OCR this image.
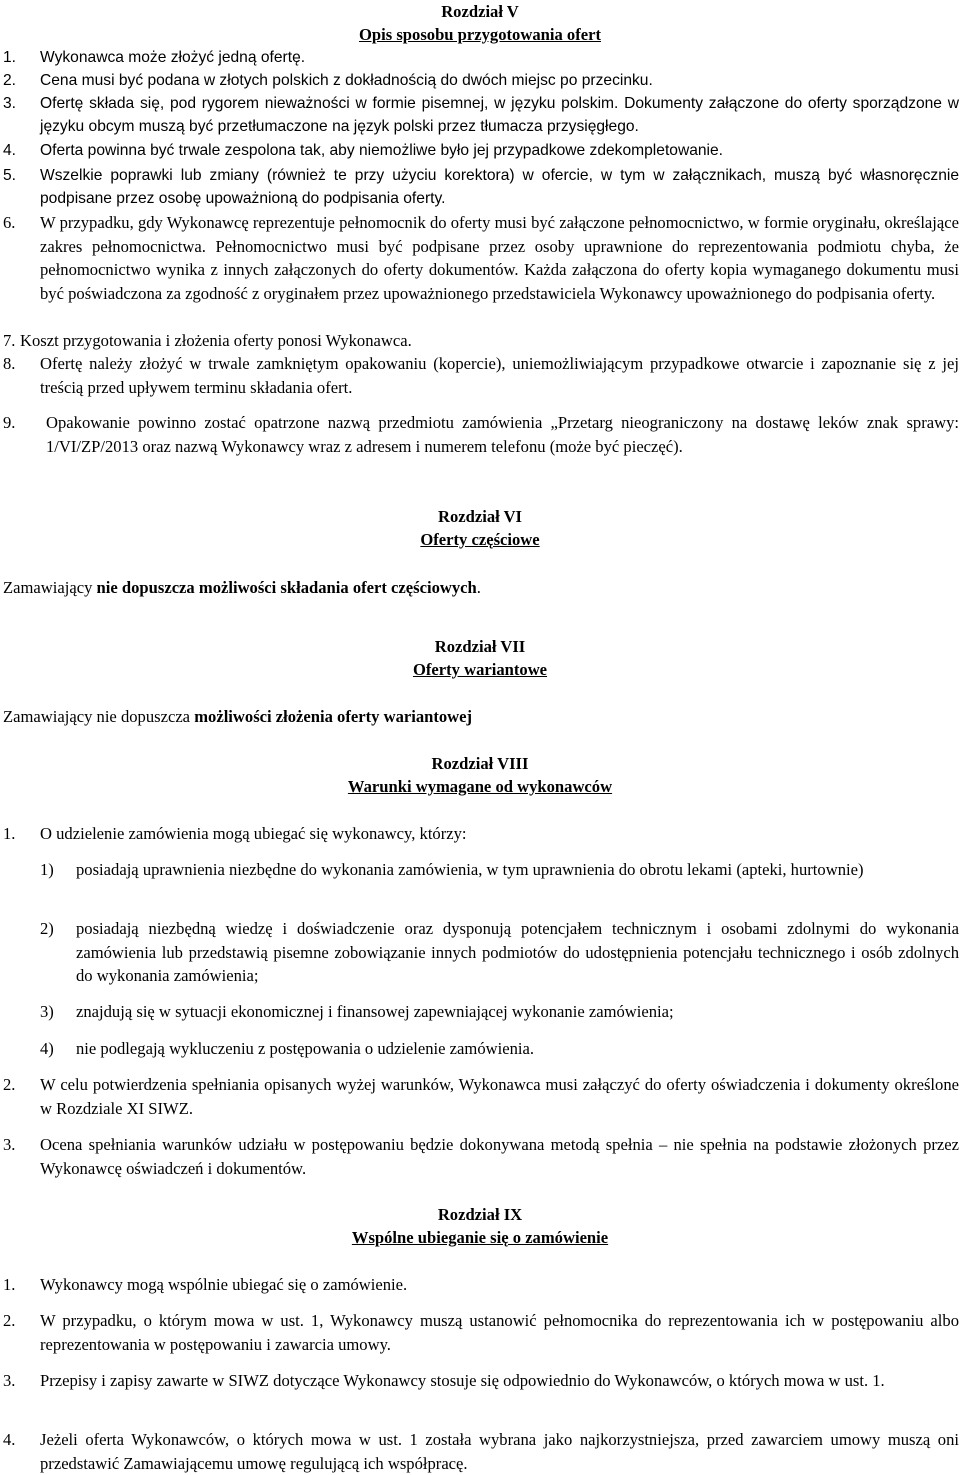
Rozdział V
Opis sposobu przygotowania ofert
1. Wykonawca może złożyć jedną ofertę.
2. Cena musi być podana w złotych polskich z dokładnością do dwóch miejsc po przecinku.
3. Ofertę składa się, pod rygorem nieważności w formie pisemnej, w języku polskim. Dokumenty załączone do oferty sporządzone w języku obcym muszą być przetłumaczone na język polski przez tłumacza przysięgłego.
4. Oferta powinna być trwale zespolona tak, aby niemożliwe było jej przypadkowe zdekompletowanie.
5. Wszelkie poprawki lub zmiany (również te przy użyciu korektora) w ofercie, w tym w załącznikach, muszą być własnoręcznie podpisane przez osobę upoważnioną do podpisania oferty.
6. W przypadku, gdy Wykonawcę reprezentuje pełnomocnik do oferty musi być załączone pełnomocnictwo, w formie oryginału, określające zakres pełnomocnictwa. Pełnomocnictwo musi być podpisane przez osoby uprawnione do reprezentowania podmiotu chyba, że pełnomocnictwo wynika z innych załączonych do oferty dokumentów. Każda załączona do oferty kopia wymaganego dokumentu musi być poświadczona za zgodność z oryginałem przez upoważnionego przedstawiciela Wykonawcy upoważnionego do podpisania oferty.
7. Koszt przygotowania i złożenia oferty ponosi Wykonawca.
8. Ofertę należy złożyć w trwale zamkniętym opakowaniu (kopercie), uniemożliwiającym przypadkowe otwarcie i zapoznanie się z jej treścią przed upływem terminu składania ofert.
9. Opakowanie powinno zostać opatrzone nazwą przedmiotu zamówienia „Przetarg nieograniczony na dostawę leków znak sprawy: 1/VI/ZP/2013 oraz nazwą Wykonawcy wraz z adresem i numerem telefonu (może być pieczęć).
Rozdział VI
Oferty częściowe
Zamawiający nie dopuszcza możliwości składania ofert częściowych.
Rozdział VII
Oferty wariantowe
Zamawiający nie dopuszcza możliwości złożenia oferty wariantowej
Rozdział VIII
Warunki wymagane od wykonawców
1. O udzielenie zamówienia mogą ubiegać się wykonawcy, którzy:
1) posiadają uprawnienia niezbędne do wykonania zamówienia, w tym uprawnienia do obrotu lekami (apteki, hurtownie)
2) posiadają niezbędną wiedzę i doświadczenie oraz dysponują potencjałem technicznym i osobami zdolnymi do wykonania zamówienia lub przedstawią pisemne zobowiązanie innych podmiotów do udostępnienia potencjału technicznego i osób zdolnych do wykonania zamówienia;
3) znajdują się w sytuacji ekonomicznej i finansowej zapewniającej wykonanie zamówienia;
4) nie podlegają wykluczeniu z postępowania o udzielenie zamówienia.
2. W celu potwierdzenia spełniania opisanych wyżej warunków, Wykonawca musi załączyć do oferty oświadczenia i dokumenty określone w Rozdziale XI SIWZ.
3. Ocena spełniania warunków udziału w postępowaniu będzie dokonywana metodą spełnia – nie spełnia na podstawie złożonych przez Wykonawcę oświadczeń i dokumentów.
Rozdział IX
Wspólne ubieganie się o zamówienie
1. Wykonawcy mogą wspólnie ubiegać się o zamówienie.
2. W przypadku, o którym mowa w ust. 1, Wykonawcy muszą ustanowić pełnomocnika do reprezentowania ich w postępowaniu albo reprezentowania w postępowaniu i zawarcia umowy.
3. Przepisy i zapisy zawarte w SIWZ dotyczące Wykonawcy stosuje się odpowiednio do Wykonawców, o których mowa w ust. 1.
4. Jeżeli oferta Wykonawców, o których mowa w ust. 1 została wybrana jako najkorzystniejsza, przed zawarciem umowy muszą oni przedstawić Zamawiającemu umowę regulującą ich współpracę.
